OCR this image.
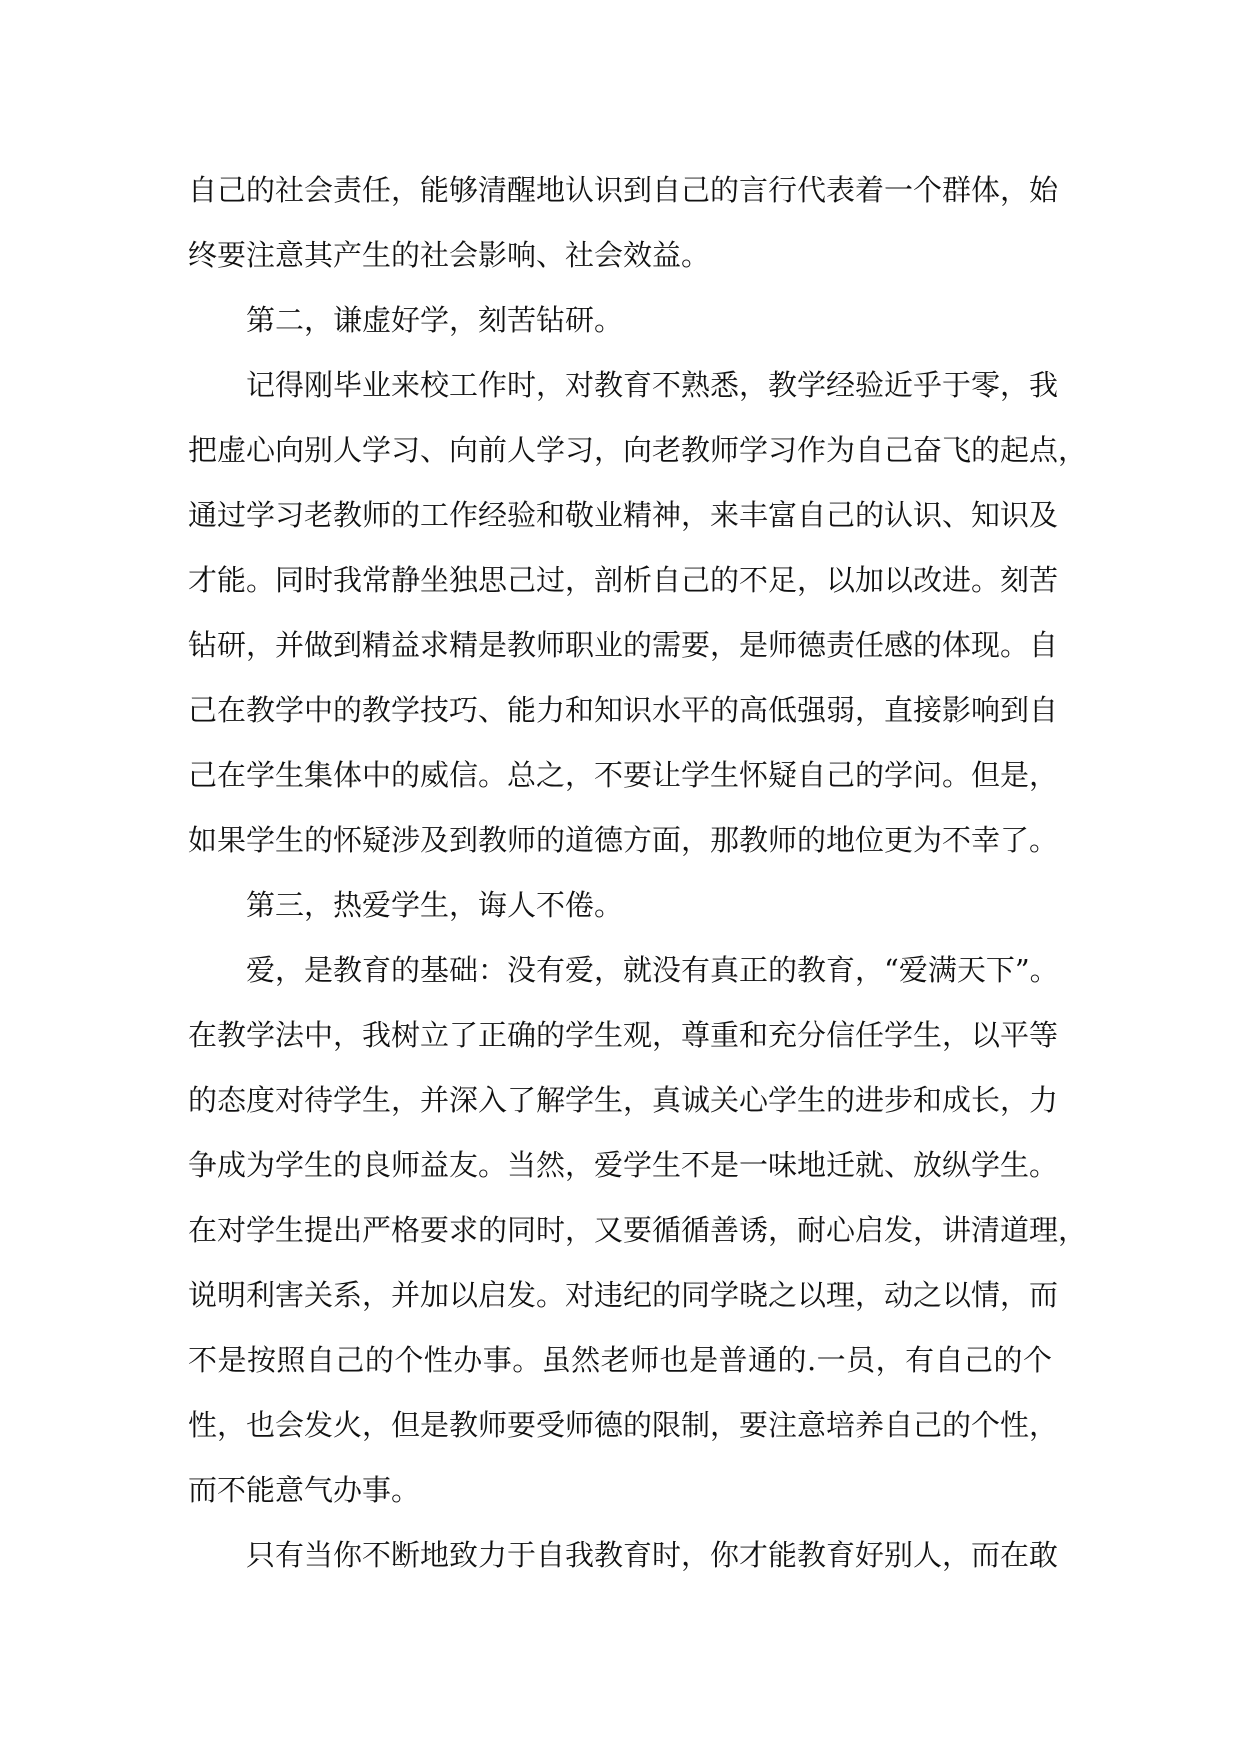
自己的社会责任，能够清醒地认识到自己的言行代表着一个群体，始
终要注意其产生的社会影响、社会效益。
第二，谦虚好学，刻苦钻研。
记得刚毕业来校工作时，对教育不熟悉，教学经验近乎于零，我
把虚心向别人学习、向前人学习，向老教师学习作为自己奋飞的起点，
通过学习老教师的工作经验和敬业精神，来丰富自己的认识、知识及
才能。同时我常静坐独思己过，剖析自己的不足，以加以改进。刻苦
钻研，并做到精益求精是教师职业的需要，是师德责任感的体现。自
己在教学中的教学技巧、能力和知识水平的高低强弱，直接影响到自
己在学生集体中的威信。总之，不要让学生怀疑自己的学问。但是，
如果学生的怀疑涉及到教师的道德方面，那教师的地位更为不幸了。
第三，热爱学生，诲人不倦。
爱，是教育的基础：没有爱，就没有真正的教育，“爱满天下”。
在教学法中，我树立了正确的学生观，尊重和充分信任学生，以平等
的态度对待学生，并深入了解学生，真诚关心学生的进步和成长，力
争成为学生的良师益友。当然，爱学生不是一味地迁就、放纵学生。
在对学生提出严格要求的同时，又要循循善诱，耐心启发，讲清道理，
说明利害关系，并加以启发。对违纪的同学晓之以理，动之以情，而
不是按照自己的个性办事。虽然老师也是普通的.一员，有自己的个
性，也会发火，但是教师要受师德的限制，要注意培养自己的个性，
而不能意气办事。
只有当你不断地致力于自我教育时，你才能教育好别人，而在敢
